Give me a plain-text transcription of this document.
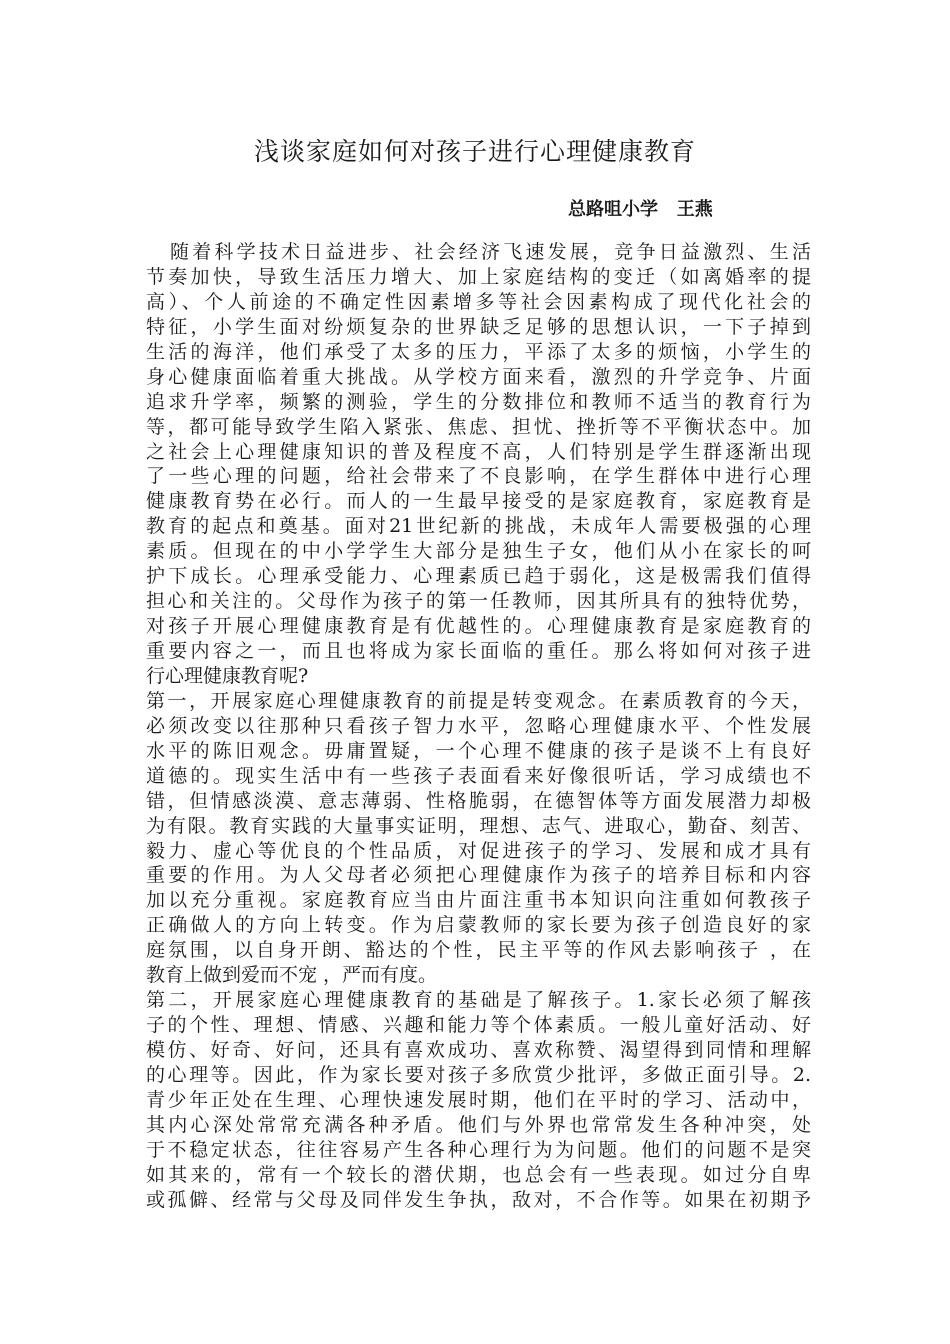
浅谈家庭如何对孩子进行心理健康教育
总路咀小学   王燕
随着科学技术日益进步、社会经济飞速发展，竞争日益激烈、生活
节奏加快，导致生活压力增大、加上家庭结构的变迁（如离婚率的提
高）、个人前途的不确定性因素增多等社会因素构成了现代化社会的
特征，小学生面对纷烦复杂的世界缺乏足够的思想认识，一下子掉到
生活的海洋，他们承受了太多的压力，平添了太多的烦恼，小学生的
身心健康面临着重大挑战。从学校方面来看，激烈的升学竞争、片面
追求升学率，频繁的测验，学生的分数排位和教师不适当的教育行为
等，都可能导致学生陷入紧张、焦虑、担忧、挫折等不平衡状态中。加
之社会上心理健康知识的普及程度不高，人们特别是学生群逐渐出现
了一些心理的问题，给社会带来了不良影响，在学生群体中进行心理
健康教育势在必行。而人的一生最早接受的是家庭教育，家庭教育是
教育的起点和奠基。面对21世纪新的挑战，未成年人需要极强的心理
素质。但现在的中小学学生大部分是独生子女，他们从小在家长的呵
护下成长。心理承受能力、心理素质已趋于弱化，这是极需我们值得
担心和关注的。父母作为孩子的第一任教师，因其所具有的独特优势，
对孩子开展心理健康教育是有优越性的。心理健康教育是家庭教育的
重要内容之一，而且也将成为家长面临的重任。那么将如何对孩子进
行心理健康教育呢?
第一，开展家庭心理健康教育的前提是转变观念。在素质教育的今天，
必须改变以往那种只看孩子智力水平，忽略心理健康水平、个性发展
水平的陈旧观念。毋庸置疑，一个心理不健康的孩子是谈不上有良好
道德的。现实生活中有一些孩子表面看来好像很听话，学习成绩也不
错，但情感淡漠、意志薄弱、性格脆弱，在德智体等方面发展潜力却极
为有限。教育实践的大量事实证明，理想、志气、进取心，勤奋、刻苦、
毅力、虚心等优良的个性品质，对促进孩子的学习、发展和成才具有
重要的作用。为人父母者必须把心理健康作为孩子的培养目标和内容
加以充分重视。家庭教育应当由片面注重书本知识向注重如何教孩子
正确做人的方向上转变。作为启蒙教师的家长要为孩子创造良好的家
庭氛围，以自身开朗、豁达的个性，民主平等的作风去影响孩子 ，在
教育上做到爱而不宠 ，严而有度。
第二，开展家庭心理健康教育的基础是了解孩子。1.家长必须了解孩
子的个性、理想、情感、兴趣和能力等个体素质。一般儿童好活动、好
模仿、好奇、好问，还具有喜欢成功、喜欢称赞、渴望得到同情和理解
的心理等。因此，作为家长要对孩子多欣赏少批评，多做正面引导。2.
青少年正处在生理、心理快速发展时期，他们在平时的学习、活动中，
其内心深处常常充满各种矛盾。他们与外界也常常发生各种冲突，处
于不稳定状态，往往容易产生各种心理行为为问题。他们的问题不是突
如其来的，常有一个较长的潜伏期，也总会有一些表现。如过分自卑
或孤僻、经常与父母及同伴发生争执，敌对，不合作等。如果在初期予
